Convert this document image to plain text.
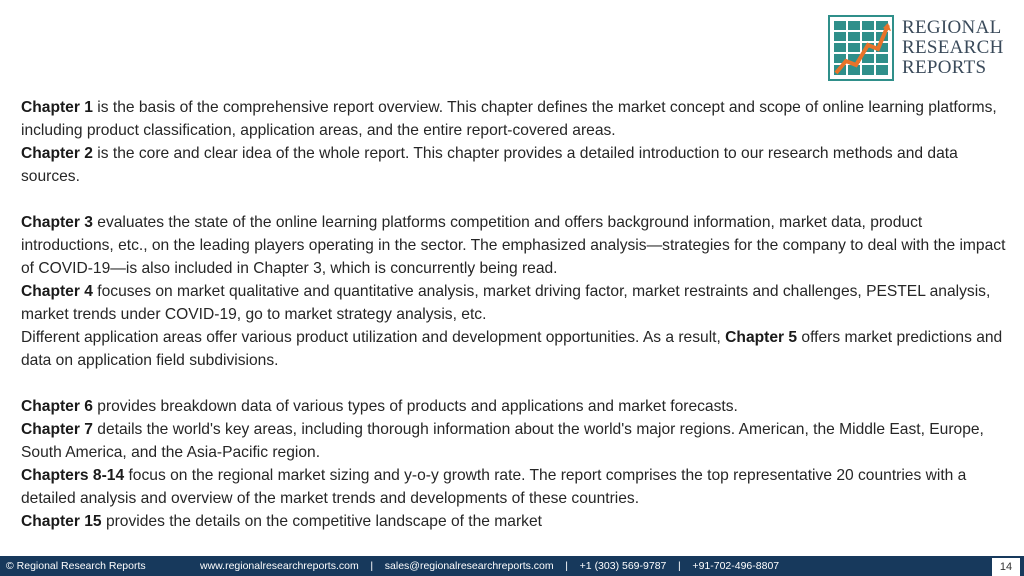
REGIONAL
RESEARCH
REPORTS

Chapter 1 is the basis of the comprehensive report overview. This chapter defines the market concept and scope of online learning platforms, including product classification, application areas, and the entire report-covered areas.

Chapter 2 is the core and clear idea of the whole report. This chapter provides a detailed introduction to our research methods and data sources.

Chapter 3 evaluates the state of the online learning platforms competition and offers background information, market data, product introductions, etc., on the leading players operating in the sector. The emphasized analysis—strategies for the company to deal with the impact of COVID-19—is also included in Chapter 3, which is concurrently being read.

Chapter 4 focuses on market qualitative and quantitative analysis, market driving factor, market restraints and challenges, PESTEL analysis, market trends under COVID-19, go to market strategy analysis, etc.

Different application areas offer various product utilization and development opportunities. As a result, Chapter 5 offers market predictions and data on application field subdivisions.

Chapter 6 provides breakdown data of various types of products and applications and market forecasts.

Chapter 7 details the world's key areas, including thorough information about the world's major regions. American, the Middle East, Europe, South America, and the Asia-Pacific region.

Chapters 8-14 focus on the regional market sizing and y-o-y growth rate. The report comprises the top representative 20 countries with a detailed analysis and overview of the market trends and developments of these countries.

Chapter 15 provides the details on the competitive landscape of the market

© Regional Research Reports	www.regionalresearchreports.com    |    sales@regionalresearchreports.com    |    +1 (303) 569-9787    |    +91-702-496-8807	14
